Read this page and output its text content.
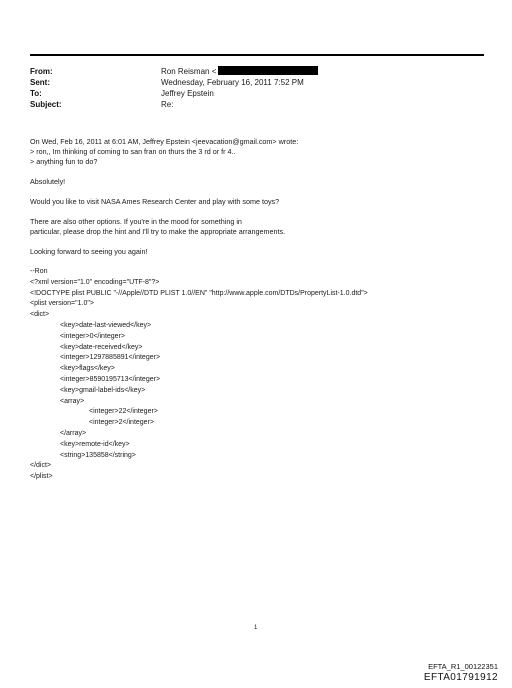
From:	Ron Reisman <
Sent:	Wednesday, February 16, 2011 7:52 PM
To:	Jeffrey Epstein
Subject:	Re:
On Wed, Feb 16, 2011 at 6:01 AM, Jeffrey Epstein <jeevacation@gmail.com> wrote:
> ron,, Im thinking of coming to san fran on thurs the 3 rd or fr 4..
> anything fun to do?

Absolutely!

Would you like to visit NASA Ames Research Center and play with some toys?

There are also other options. If you're in the mood for something in
particular, please drop the hint and I'll try to make the appropriate arrangements.

Looking forward to seeing you again!

--Ron
<?xml version="1.0" encoding="UTF-8"?>
<!DOCTYPE plist PUBLIC "-//Apple//DTD PLIST 1.0//EN" "http://www.apple.com/DTDs/PropertyList-1.0.dtd">
<plist version="1.0">
<dict>
<key>date-last-viewed</key>
<integer>0</integer>
<key>date-received</key>
<integer>1297885891</integer>
<key>flags</key>
<integer>8590195713</integer>
<key>gmail-label-ids</key>
<array>
<integer>22</integer>
<integer>2</integer>
</array>
<key>remote-id</key>
<string>135858</string>
</dict>
</plist>
1
EFTA_R1_00122351
EFTA01791912
